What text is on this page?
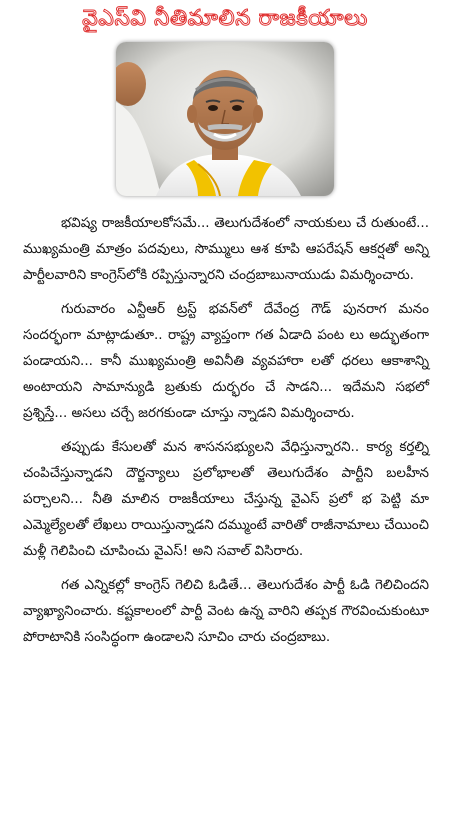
వైఎస్‌వి నీతిమాలిన రాజకీయాలు

భవిష్య రాజకీయాలకోసమే... తెలుగుదేశంలో నాయకులు చే రుతుంటే... ముఖ్యమంత్రి మాత్రం పదవులు, సొమ్ములు ఆశ కూపి ఆపరేషన్ ఆకర్షతో అన్ని పార్టీలవారిని కాంగ్రెస్‌లోకి రప్పిస్తున్నారని చంద్రబాబునాయుడు విమర్శించారు.

గురువారం ఎన్టీఆర్ ట్రస్ట్ భవన్‌లో దేవేంద్ర గౌడ్ పునరాగ మనం సందర్భంగా మాట్లాడుతూ.. రాష్ట్ర వ్యాప్తంగా గత ఏడాది పంట లు అద్భుతంగా పండాయని... కానీ ముఖ్యమంత్రి అవినీతి వ్యవహారా లతో ధరలు ఆకాశాన్ని అంటాయని సామాన్యుడి బ్రతుకు దుర్భరం చే సాడని... ఇదేమని సభలో ప్రశ్నిస్తే... అసలు చర్చే జరగకుండా చూస్తు న్నాడని విమర్శించారు.

తప్పుడు కేసులతో మన శాసనసభ్యులని వేధిస్తున్నారని.. కార్య కర్తల్ని చంపిచేస్తున్నాడని దౌర్జన్యాలు ప్రలోభాలతో తెలుగుదేశం పార్టీని బలహీన పర్చాలని... నీతి మాలిన రాజకీయాలు చేస్తున్న వైఎస్ ప్రలో భ పెట్టి మా ఎమ్మెల్యేలతో లేఖలు రాయిస్తున్నాడని దమ్ముంటే వారితో రాజీనామాలు చేయించి మళ్లీ గెలిపించి చూపించు వైఎస్! అని సవాల్ విసిరారు.

గత ఎన్నికల్లో కాంగ్రెస్ గెలిచి ఓడితే... తెలుగుదేశం పార్టీ ఓడి గెలిచిందని వ్యాఖ్యానించారు. కష్టకాలంలో పార్టీ వెంట ఉన్న వారిని తప్పక గౌరవించుకుంటూ పోరాటానికి సంసిద్ధంగా ఉండాలని సూచిం చారు చంద్రబాబు.
